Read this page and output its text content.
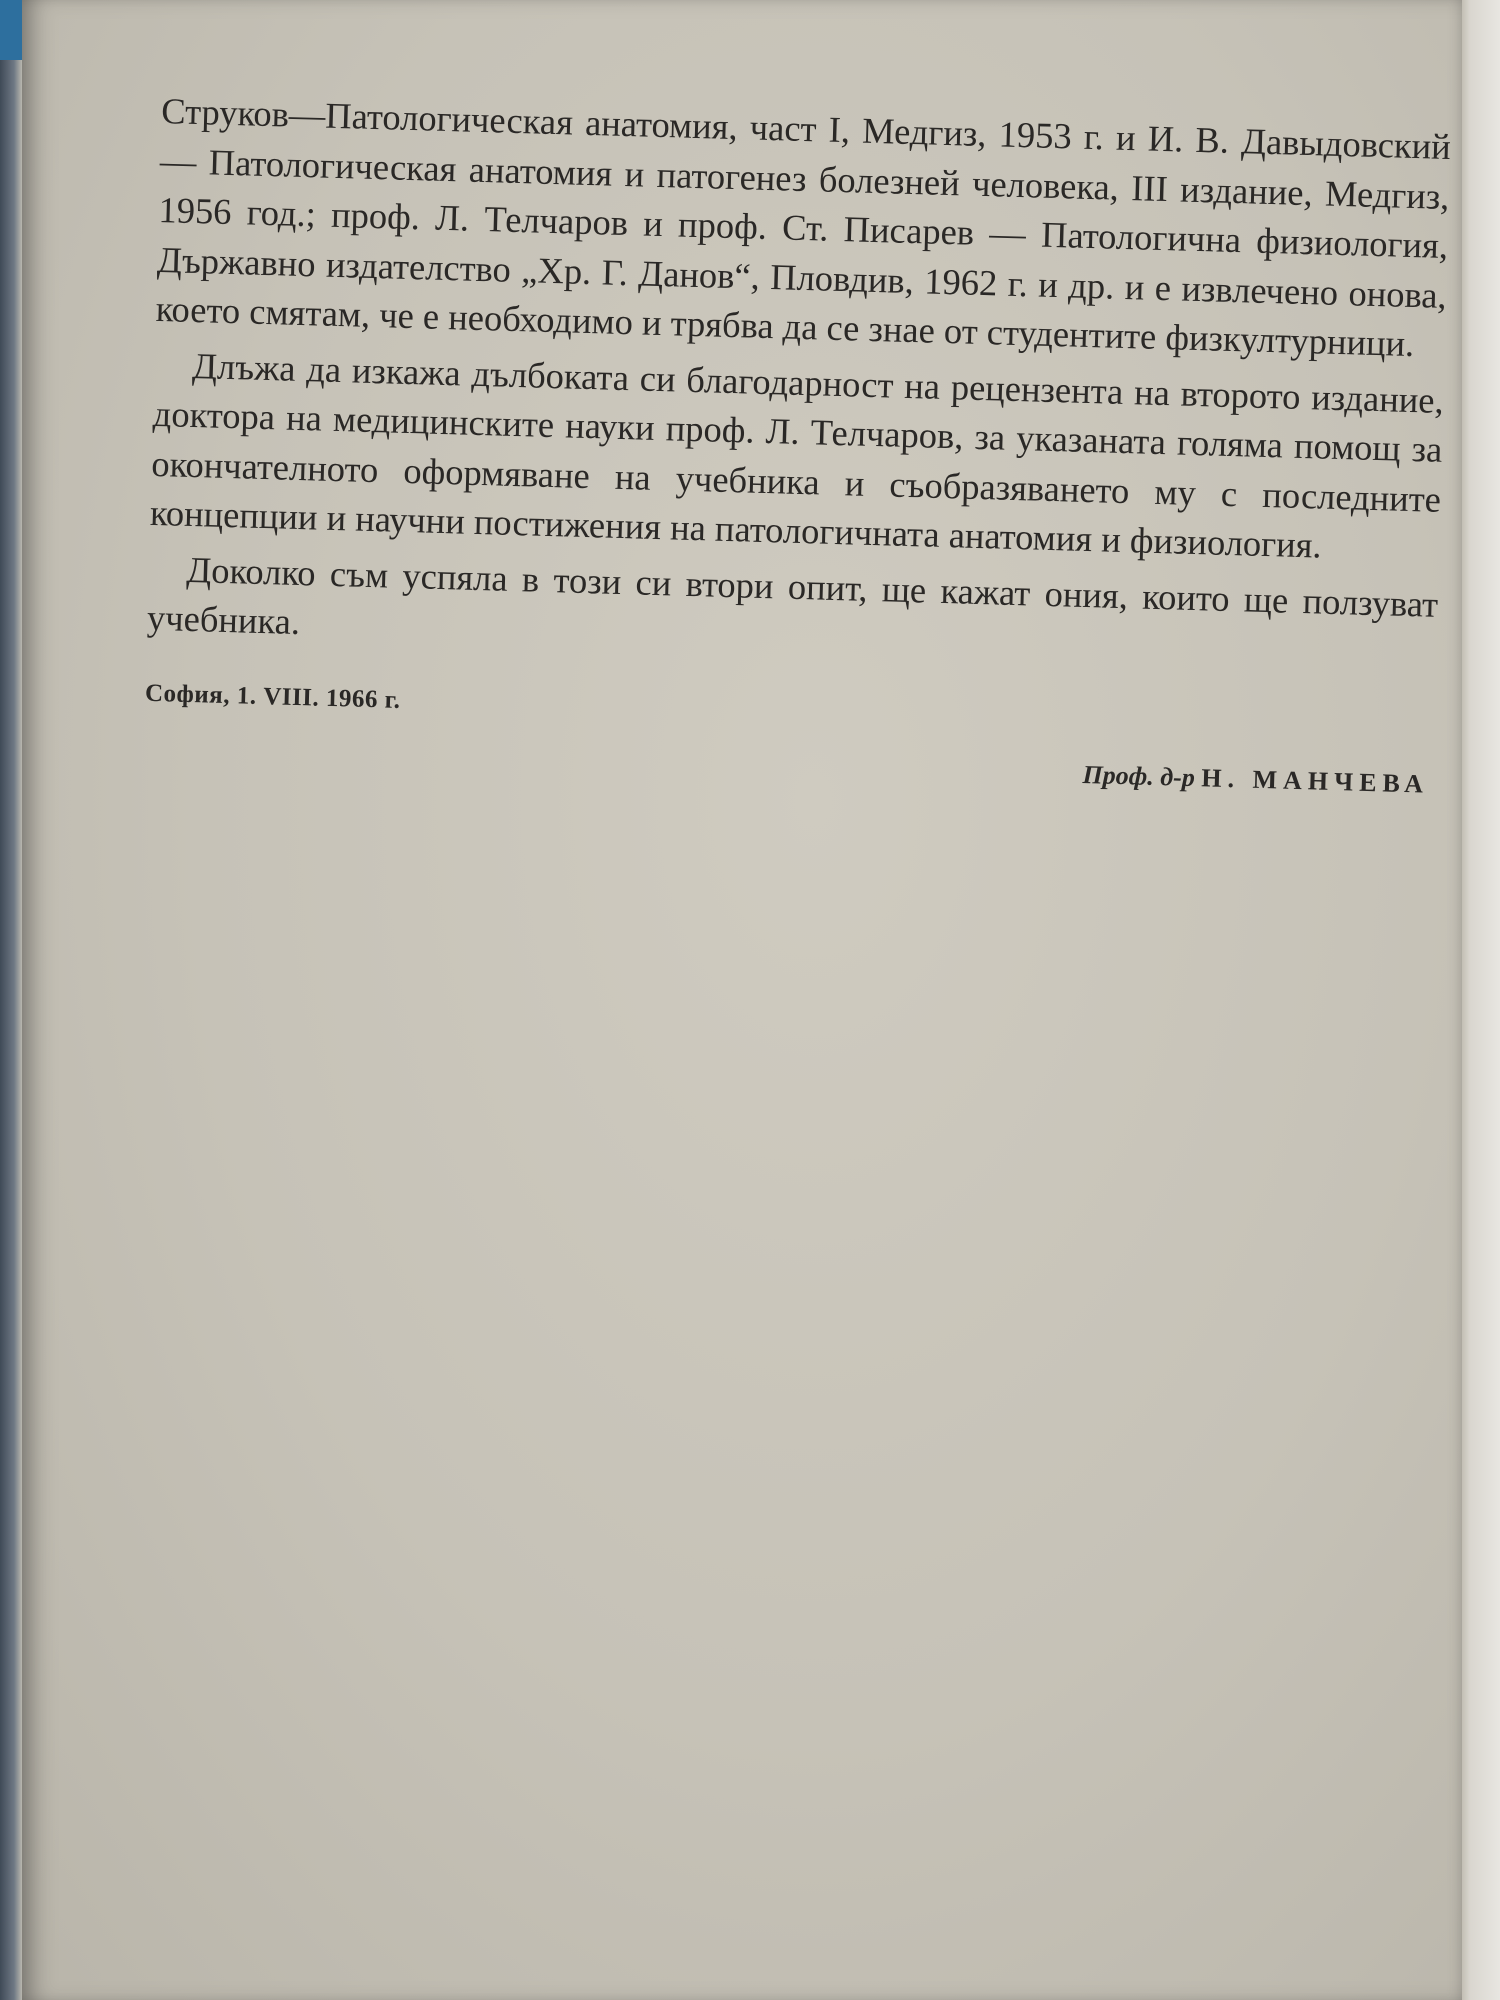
Струков—Патологическая анатомия, част I, Медгиз, 1953 г. и И. В. Давыдовский — Патологическая анатомия и патогенез болезней человека, III издание, Медгиз, 1956 год.; проф. Л. Телчаров и проф. Ст. Писарев — Патологична физиология, Държавно издателство „Хр. Г. Данов“, Пловдив, 1962 г. и др. и е извлечено онова, което смятам, че е необходимо и трябва да се знае от студентите физкултурници.

Длъжа да изкажа дълбоката си благодарност на рецензента на второто издание, доктора на медицинските науки проф. Л. Телчаров, за указаната голяма помощ за окончателното оформяване на учебника и съобразяването му с последните концепции и научни постижения на патологичната анатомия и физиология.

Доколко съм успяла в този си втори опит, ще кажат ония, които ще ползуват учебника.

София, 1. VIII. 1966 г.
Проф. д-р Н. МАНЧЕВА
